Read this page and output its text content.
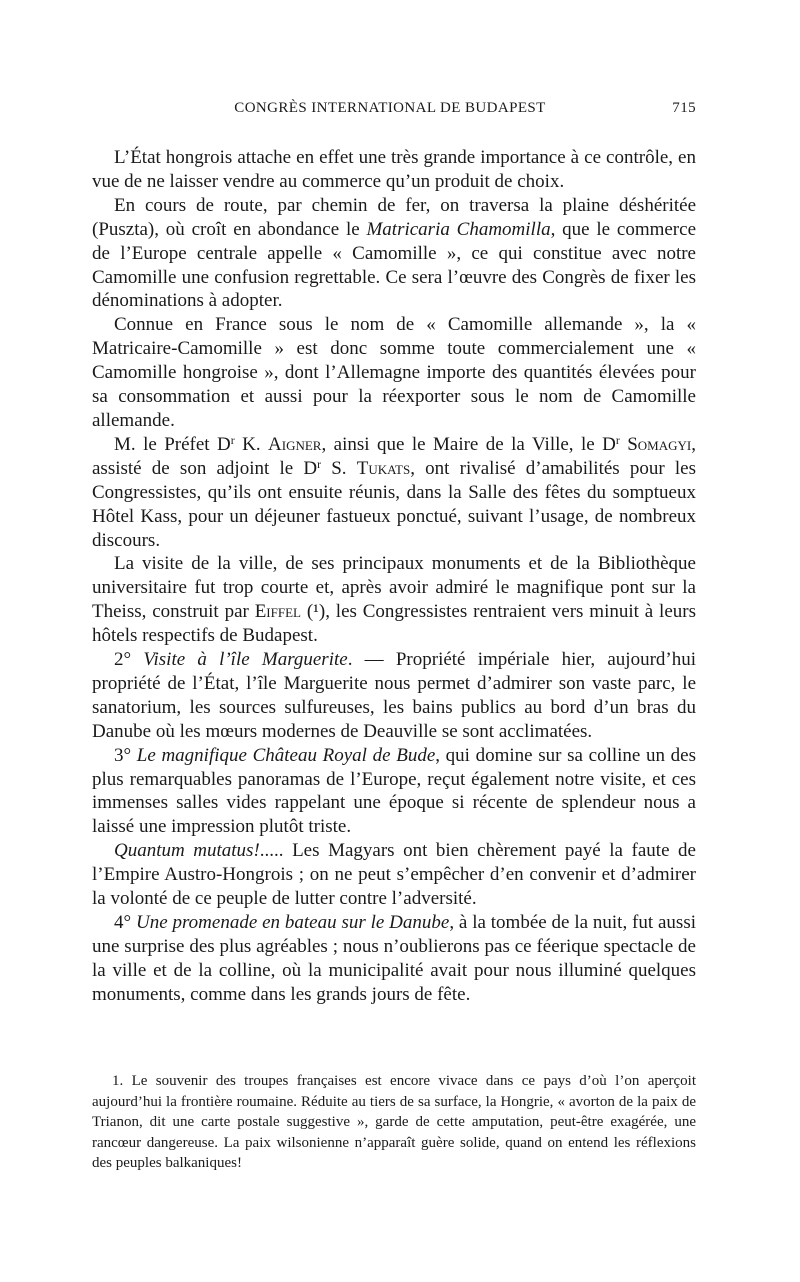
CONGRÈS INTERNATIONAL DE BUDAPEST	715

L’État hongrois attache en effet une très grande importance à ce contrôle, en vue de ne laisser vendre au commerce qu’un produit de choix.

En cours de route, par chemin de fer, on traversa la plaine déshéritée (Puszta), où croît en abondance le Matricaria Chamomilla, que le commerce de l’Europe centrale appelle « Camomille », ce qui constitue avec notre Camomille une confusion regrettable. Ce sera l’œuvre des Congrès de fixer les dénominations à adopter.

Connue en France sous le nom de « Camomille allemande », la « Matricaire-Camomille » est donc somme toute commercialement une « Camomille hongroise », dont l’Allemagne importe des quantités élevées pour sa consommation et aussi pour la réexporter sous le nom de Camomille allemande.

M. le Préfet $D^r$ K. Aigner, ainsi que le Maire de la Ville, le $D^r$ Somagyi, assisté de son adjoint le $D^r$ S. Tukats, ont rivalisé d’amabilités pour les Congressistes, qu’ils ont ensuite réunis, dans la Salle des fêtes du somptueux Hôtel Kass, pour un déjeuner fastueux ponctué, suivant l’usage, de nombreux discours.

La visite de la ville, de ses principaux monuments et de la Bibliothèque universitaire fut trop courte et, après avoir admiré le magnifique pont sur la Theiss, construit par Eiffel (¹), les Congressistes rentraient vers minuit à leurs hôtels respectifs de Budapest.

2° Visite à l’île Marguerite. — Propriété impériale hier, aujourd’hui propriété de l’État, l’île Marguerite nous permet d’admirer son vaste parc, le sanatorium, les sources sulfureuses, les bains publics au bord d’un bras du Danube où les mœurs modernes de Deauville se sont acclimatées.

3° Le magnifique Château Royal de Bude, qui domine sur sa colline un des plus remarquables panoramas de l’Europe, reçut également notre visite, et ces immenses salles vides rappelant une époque si récente de splendeur nous a laissé une impression plutôt triste.

Quantum mutatus!..... Les Magyars ont bien chèrement payé la faute de l’Empire Austro-Hongrois ; on ne peut s’empêcher d’en convenir et d’admirer la volonté de ce peuple de lutter contre l’adversité.

4° Une promenade en bateau sur le Danube, à la tombée de la nuit, fut aussi une surprise des plus agréables ; nous n’oublierons pas ce féerique spectacle de la ville et de la colline, où la municipalité avait pour nous illuminé quelques monuments, comme dans les grands jours de fête.

1. Le souvenir des troupes françaises est encore vivace dans ce pays d’où l’on aperçoit aujourd’hui la frontière roumaine. Réduite au tiers de sa surface, la Hongrie, « avorton de la paix de Trianon, dit une carte postale suggestive », garde de cette amputation, peut-être exagérée, une rancœur dangereuse. La paix wilsonienne n’apparaît guère solide, quand on entend les réflexions des peuples balkaniques!
